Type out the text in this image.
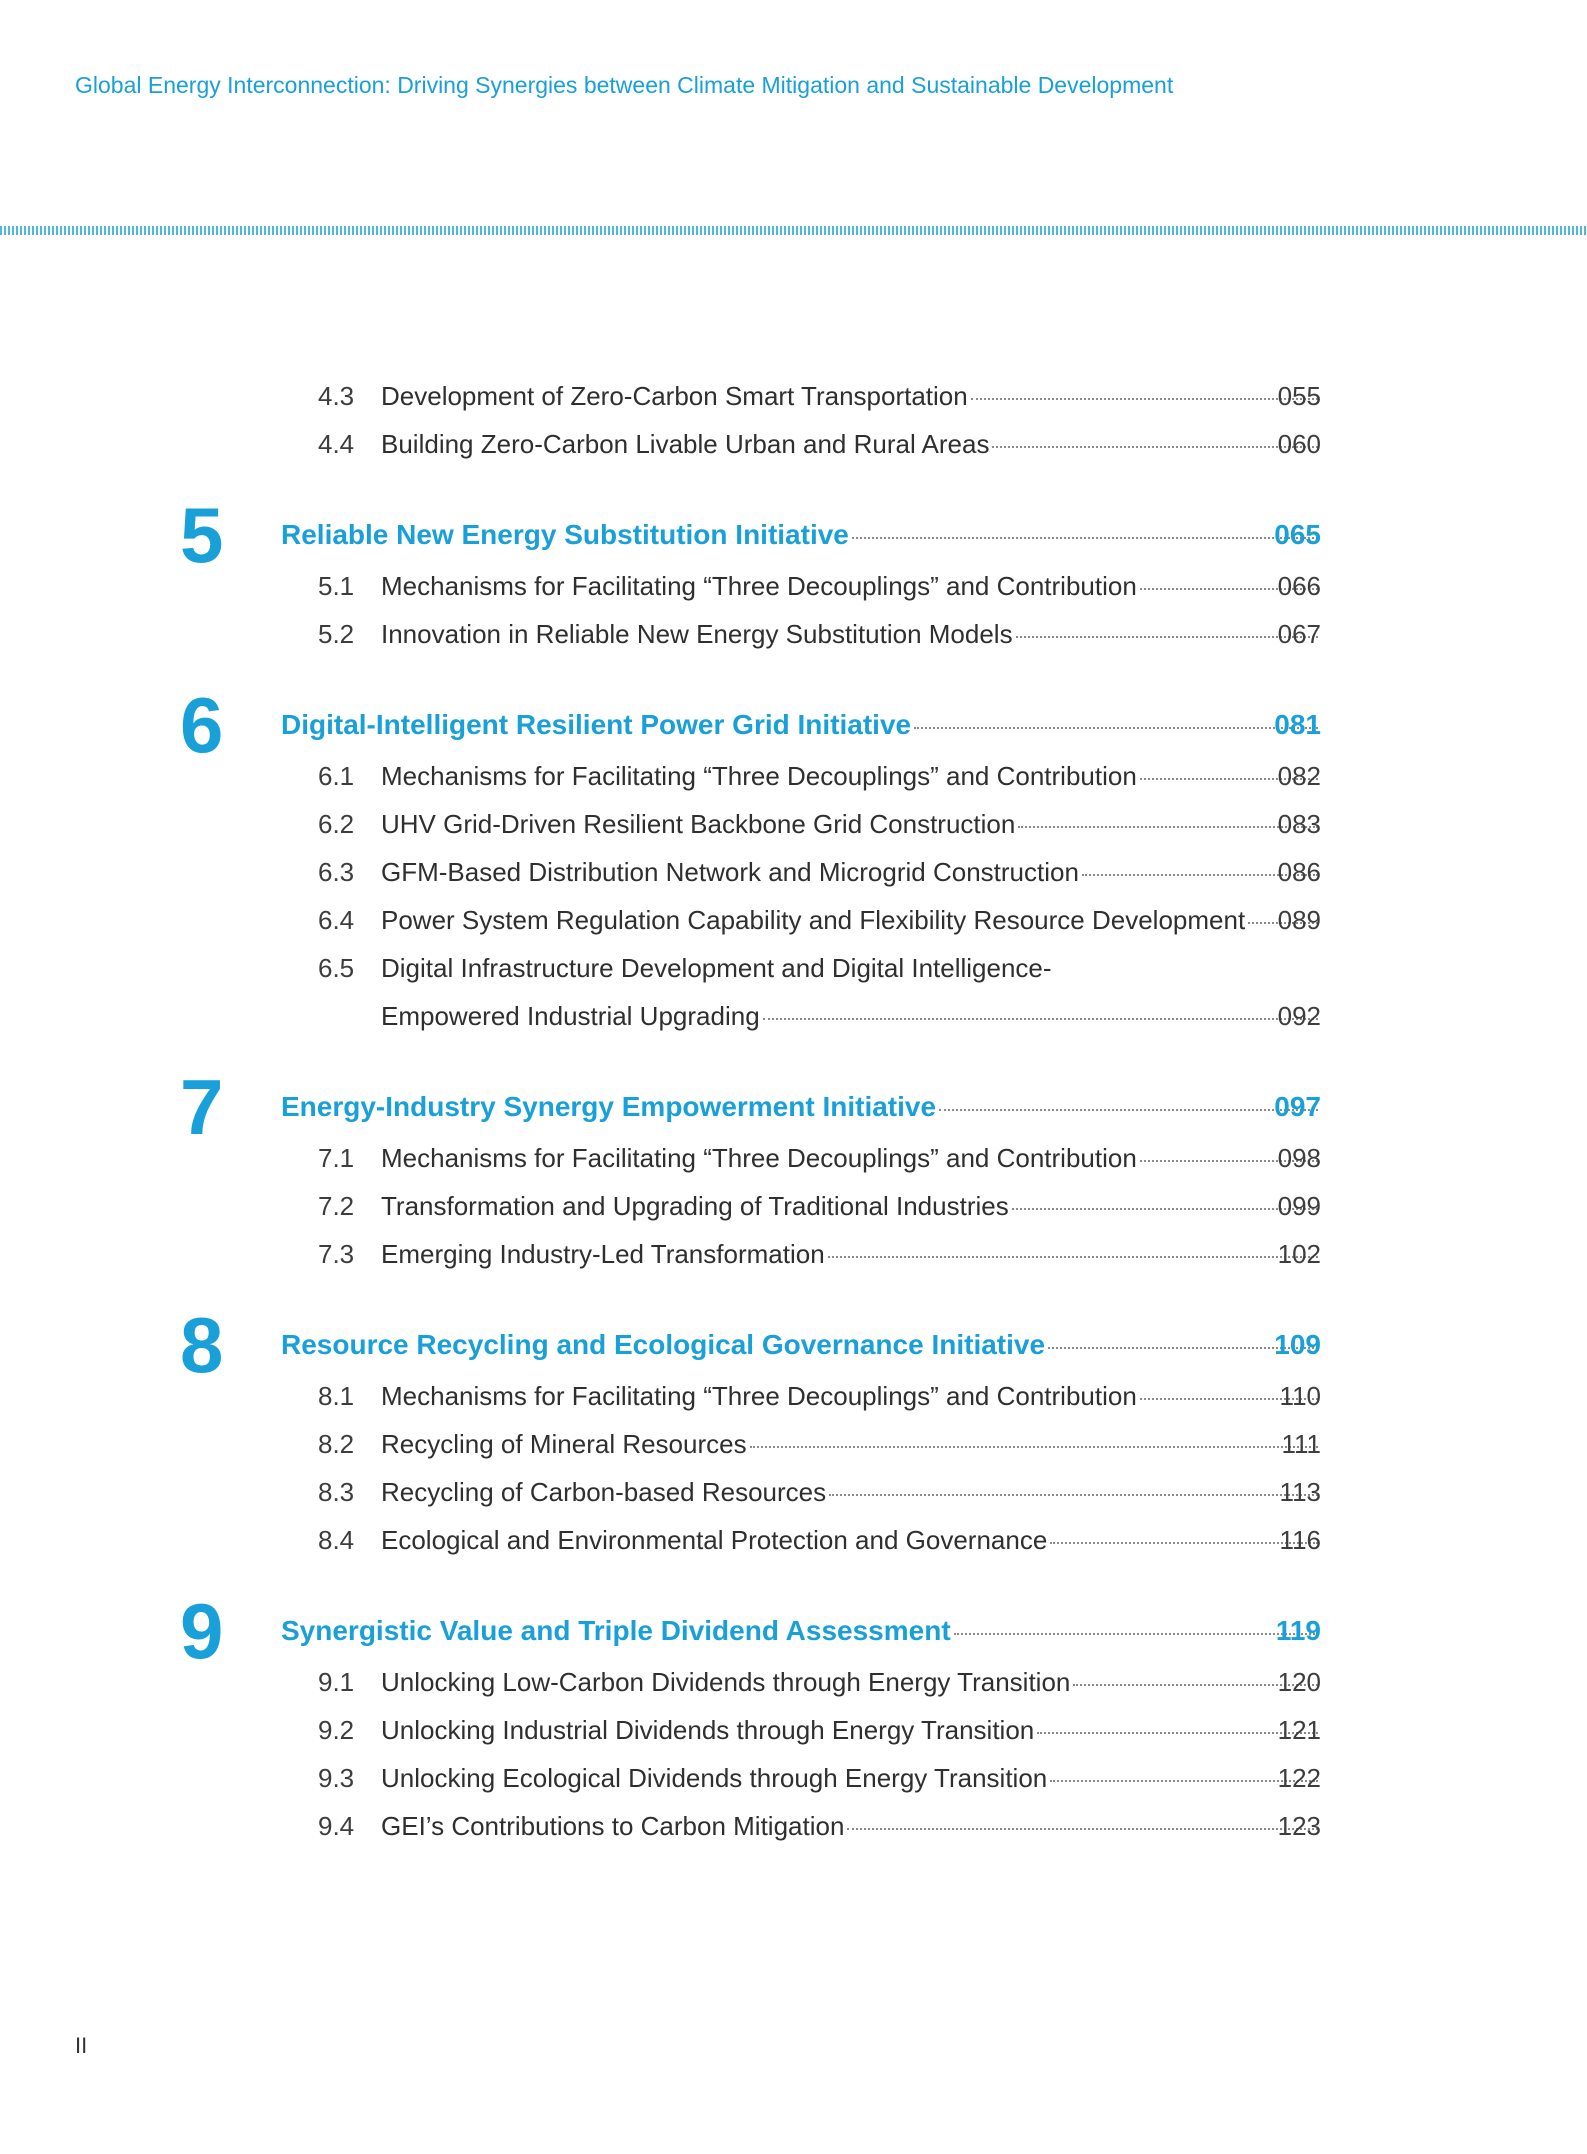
Global Energy Interconnection: Driving Synergies between Climate Mitigation and Sustainable Development
4.3	Development of Zero-Carbon Smart Transportation	055
4.4	Building Zero-Carbon Livable Urban and Rural Areas	060
5	Reliable New Energy Substitution Initiative	065
5.1	Mechanisms for Facilitating “Three Decouplings” and Contribution	066
5.2	Innovation in Reliable New Energy Substitution Models	067
6	Digital-Intelligent Resilient Power Grid Initiative	081
6.1	Mechanisms for Facilitating “Three Decouplings” and Contribution	082
6.2	UHV Grid-Driven Resilient Backbone Grid Construction	083
6.3	GFM-Based Distribution Network and Microgrid Construction	086
6.4	Power System Regulation Capability and Flexibility Resource Development 089
6.5	Digital Infrastructure Development and Digital Intelligence-
Empowered Industrial Upgrading	092
7	Energy-Industry Synergy Empowerment Initiative	097
7.1	Mechanisms for Facilitating “Three Decouplings” and Contribution	098
7.2	Transformation and Upgrading of Traditional Industries	099
7.3	Emerging Industry-Led Transformation	102
8	Resource Recycling and Ecological Governance Initiative	109
8.1	Mechanisms for Facilitating “Three Decouplings” and Contribution	110
8.2	Recycling of Mineral Resources	111
8.3	Recycling of Carbon-based Resources	113
8.4	Ecological and Environmental Protection and Governance	116
9	Synergistic Value and Triple Dividend Assessment	119
9.1	Unlocking Low-Carbon Dividends through Energy Transition	120
9.2	Unlocking Industrial Dividends through Energy Transition	121
9.3	Unlocking Ecological Dividends through Energy Transition	122
9.4	GEI’s Contributions to Carbon Mitigation	123
II
